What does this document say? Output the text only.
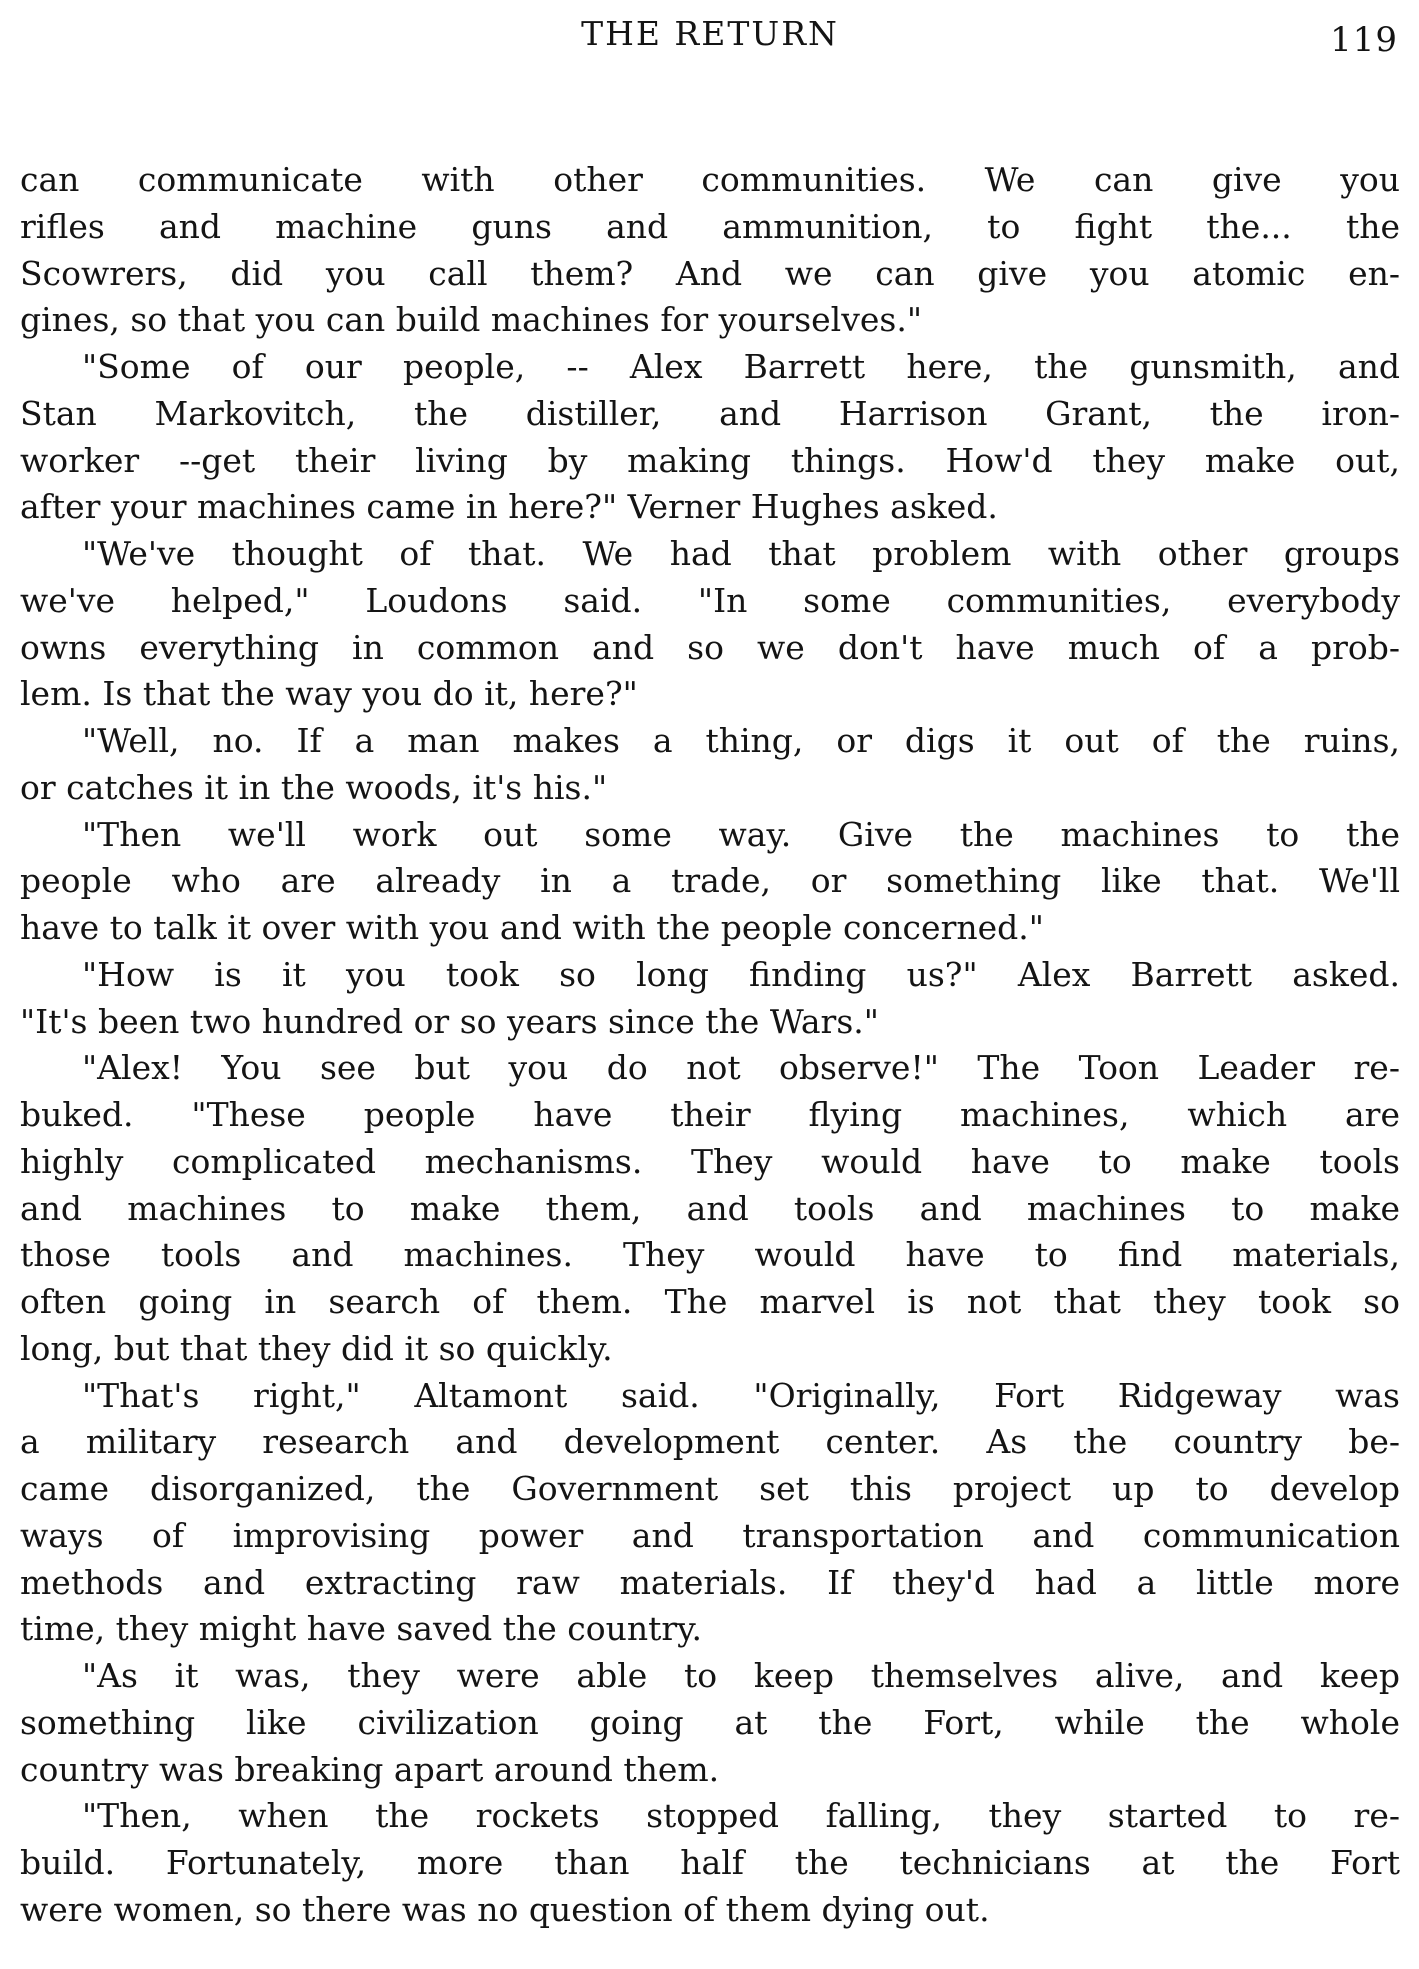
THE RETURN	119
can communicate with other communities. We can give you
rifles and machine guns and ammunition, to fight the... the
Scowrers, did you call them? And we can give you atomic en-
gines, so that you can build machines for yourselves."
"Some of our people, -- Alex Barrett here, the gunsmith, and
Stan Markovitch, the distiller, and Harrison Grant, the iron-
worker --get their living by making things. How'd they make out,
after your machines came in here?" Verner Hughes asked.
"We've thought of that. We had that problem with other groups
we've helped," Loudons said. "In some communities, everybody
owns everything in common and so we don't have much of a prob-
lem. Is that the way you do it, here?"
"Well, no. If a man makes a thing, or digs it out of the ruins,
or catches it in the woods, it's his."
"Then we'll work out some way. Give the machines to the
people who are already in a trade, or something like that. We'll
have to talk it over with you and with the people concerned."
"How is it you took so long finding us?" Alex Barrett asked.
"It's been two hundred or so years since the Wars."
"Alex! You see but you do not observe!" The Toon Leader re-
buked. "These people have their flying machines, which are
highly complicated mechanisms. They would have to make tools
and machines to make them, and tools and machines to make
those tools and machines. They would have to find materials,
often going in search of them. The marvel is not that they took so
long, but that they did it so quickly.
"That's right," Altamont said. "Originally, Fort Ridgeway was
a military research and development center. As the country be-
came disorganized, the Government set this project up to develop
ways of improvising power and transportation and communication
methods and extracting raw materials. If they'd had a little more
time, they might have saved the country.
"As it was, they were able to keep themselves alive, and keep
something like civilization going at the Fort, while the whole
country was breaking apart around them.
"Then, when the rockets stopped falling, they started to re-
build. Fortunately, more than half the technicians at the Fort
were women, so there was no question of them dying out.
